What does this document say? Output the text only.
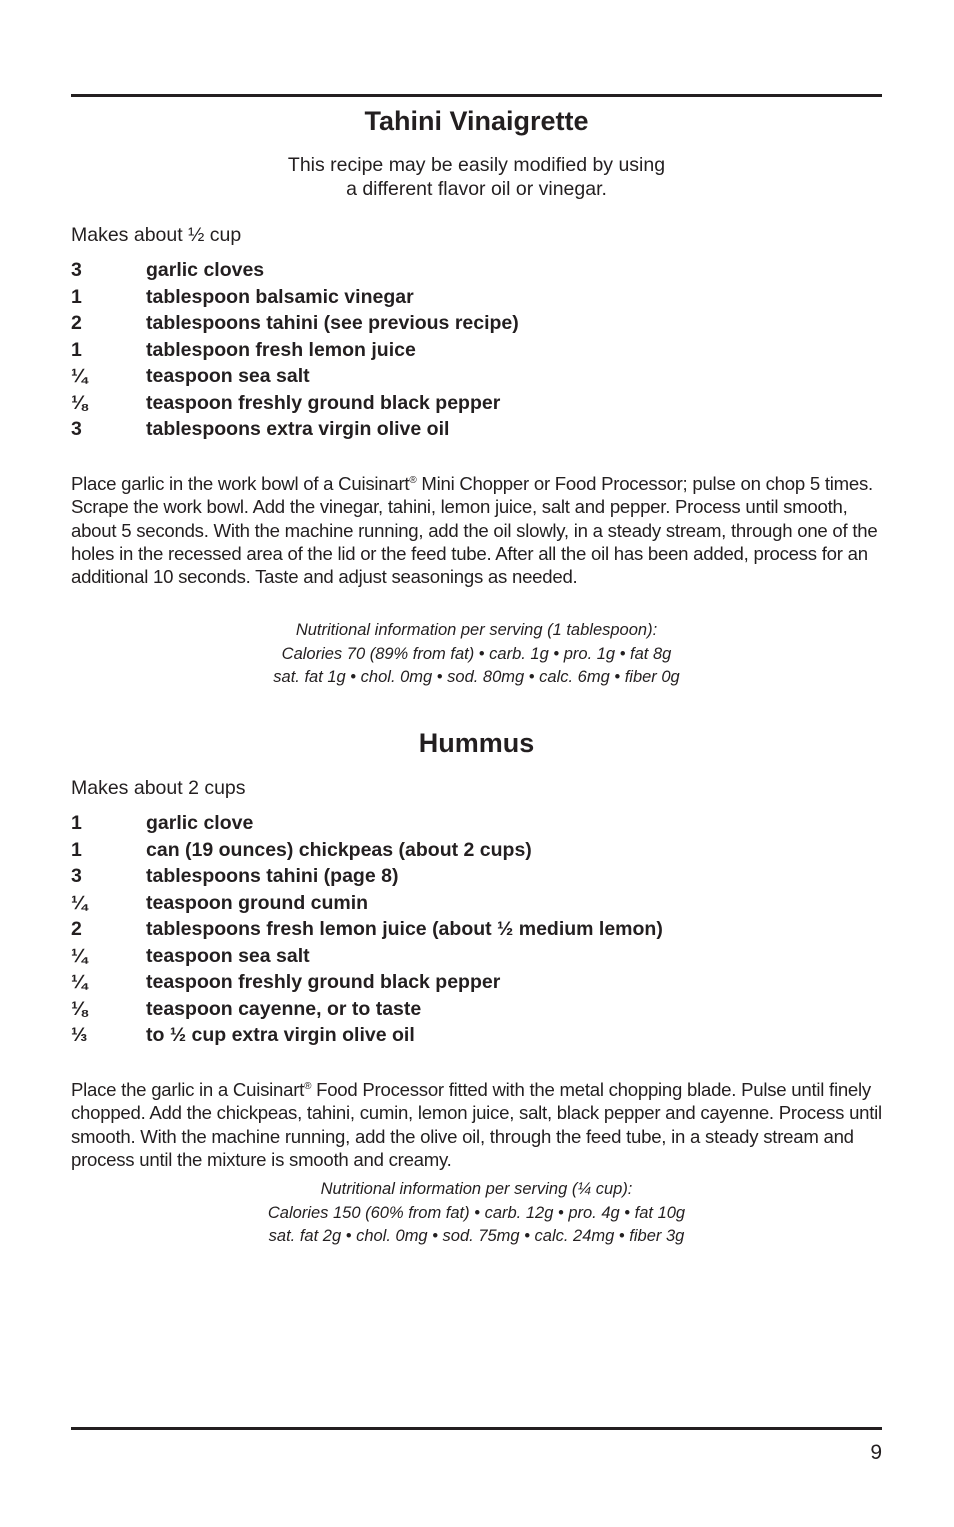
Tahini Vinaigrette
This recipe may be easily modified by using
a different flavor oil or vinegar.
Makes about ½ cup
3	garlic cloves
1	tablespoon balsamic vinegar
2	tablespoons tahini (see previous recipe)
1	tablespoon fresh lemon juice
¼	teaspoon sea salt
⅛	teaspoon freshly ground black pepper
3	tablespoons extra virgin olive oil
Place garlic in the work bowl of a Cuisinart® Mini Chopper or Food Processor; pulse on chop 5 times. Scrape the work bowl. Add the vinegar, tahini, lemon juice, salt and pepper. Process until smooth, about 5 seconds. With the machine running, add the oil slowly, in a steady stream, through one of the holes in the recessed area of the lid or the feed tube. After all the oil has been added, process for an additional 10 seconds. Taste and adjust seasonings as needed.
Nutritional information per serving (1 tablespoon):
Calories 70 (89% from fat) • carb. 1g • pro. 1g • fat 8g
sat. fat 1g • chol. 0mg • sod. 80mg • calc. 6mg • fiber 0g
Hummus
Makes about 2 cups
1	garlic clove
1	can (19 ounces) chickpeas (about 2 cups)
3	tablespoons tahini (page 8)
¼	teaspoon ground cumin
2	tablespoons fresh lemon juice (about ½ medium lemon)
¼	teaspoon sea salt
¼	teaspoon freshly ground black pepper
⅛	teaspoon cayenne, or to taste
⅓	to ½ cup extra virgin olive oil
Place the garlic in a Cuisinart® Food Processor fitted with the metal chopping blade. Pulse until finely chopped. Add the chickpeas, tahini, cumin, lemon juice, salt, black pepper and cayenne. Process until smooth. With the machine running, add the olive oil, through the feed tube, in a steady stream and process until the mixture is smooth and creamy.
Nutritional information per serving (¼ cup):
Calories 150 (60% from fat) • carb. 12g • pro. 4g • fat 10g
sat. fat 2g • chol. 0mg • sod. 75mg • calc. 24mg • fiber 3g
9
